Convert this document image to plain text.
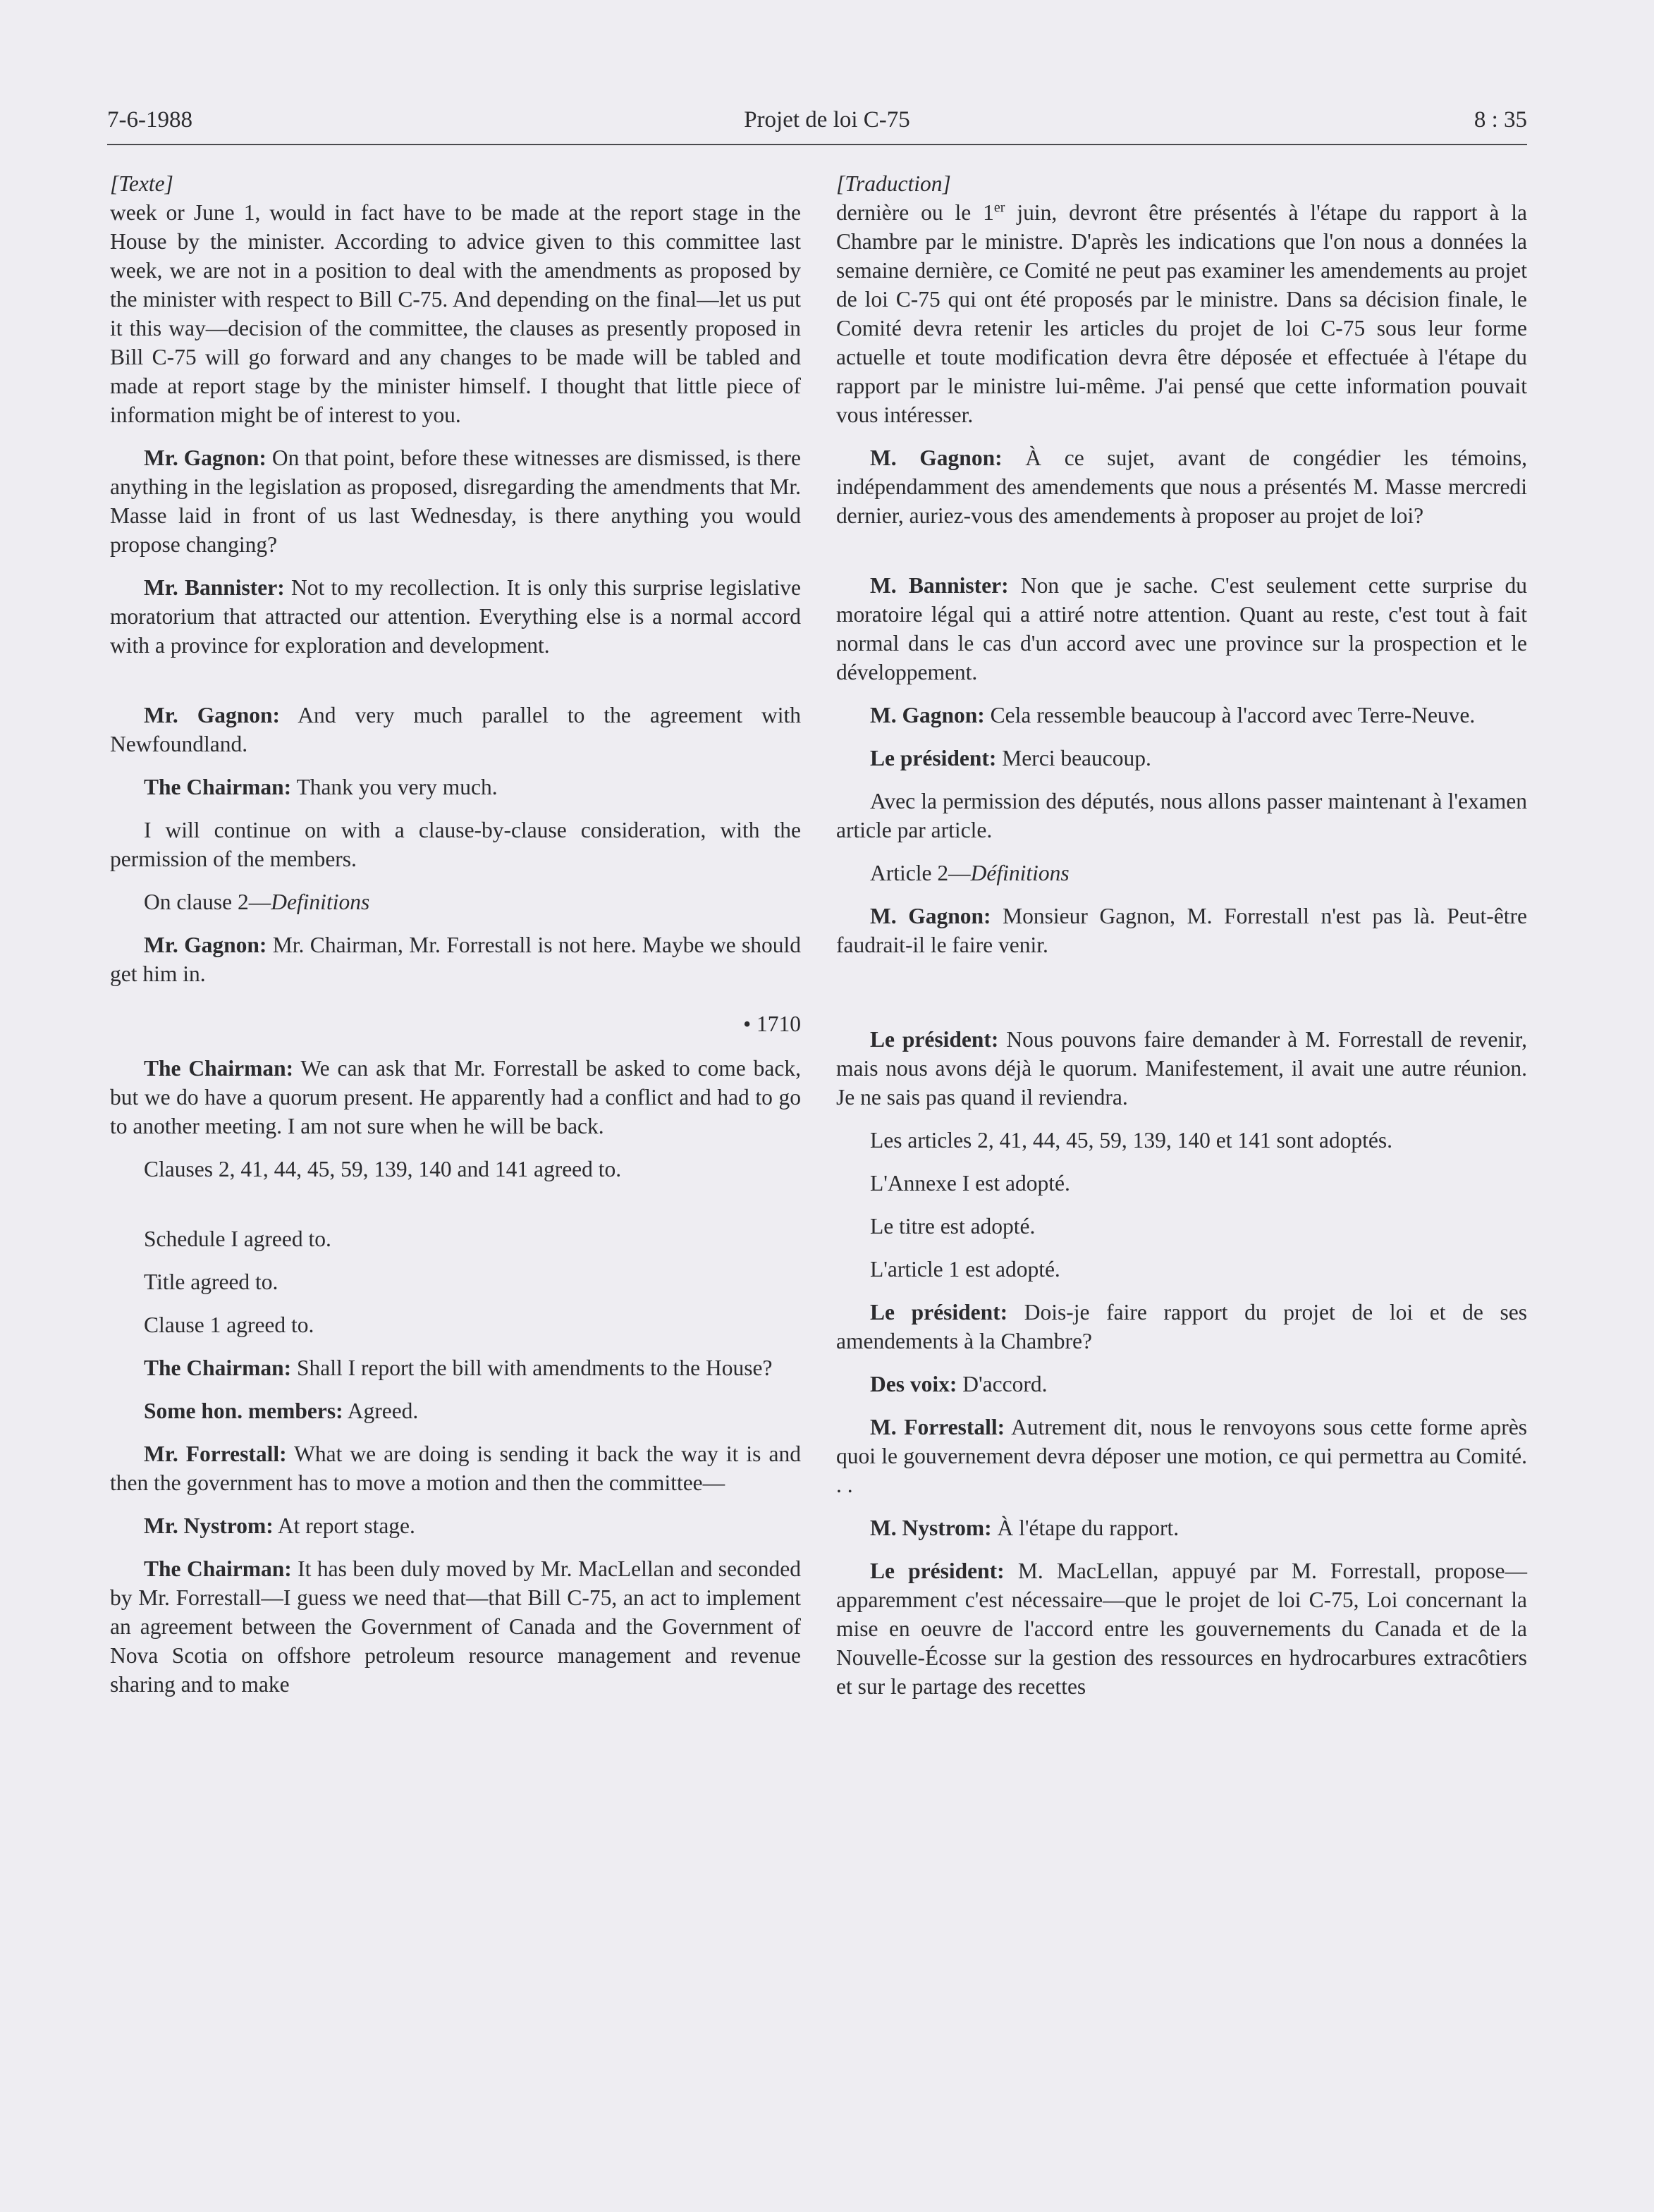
7-6-1988	Projet de loi C-75	8 : 35

[Texte]

week or June 1, would in fact have to be made at the report stage in the House by the minister. According to advice given to this committee last week, we are not in a position to deal with the amendments as proposed by the minister with respect to Bill C-75. And depending on the final—let us put it this way—decision of the committee, the clauses as presently proposed in Bill C-75 will go forward and any changes to be made will be tabled and made at report stage by the minister himself. I thought that little piece of information might be of interest to you.

Mr. Gagnon: On that point, before these witnesses are dismissed, is there anything in the legislation as proposed, disregarding the amendments that Mr. Masse laid in front of us last Wednesday, is there anything you would propose changing?

Mr. Bannister: Not to my recollection. It is only this surprise legislative moratorium that attracted our attention. Everything else is a normal accord with a province for exploration and development.

Mr. Gagnon: And very much parallel to the agreement with Newfoundland.

The Chairman: Thank you very much.

I will continue on with a clause-by-clause consideration, with the permission of the members.

On clause 2—Definitions

Mr. Gagnon: Mr. Chairman, Mr. Forrestall is not here. Maybe we should get him in.

• 1710

The Chairman: We can ask that Mr. Forrestall be asked to come back, but we do have a quorum present. He apparently had a conflict and had to go to another meeting. I am not sure when he will be back.

Clauses 2, 41, 44, 45, 59, 139, 140 and 141 agreed to.

Schedule I agreed to.

Title agreed to.

Clause 1 agreed to.

The Chairman: Shall I report the bill with amendments to the House?

Some hon. members: Agreed.

Mr. Forrestall: What we are doing is sending it back the way it is and then the government has to move a motion and then the committee—

Mr. Nystrom: At report stage.

The Chairman: It has been duly moved by Mr. MacLellan and seconded by Mr. Forrestall—I guess we need that—that Bill C-75, an act to implement an agreement between the Government of Canada and the Government of Nova Scotia on offshore petroleum resource management and revenue sharing and to make

[Traduction]

dernière ou le 1er juin, devront être présentés à l'étape du rapport à la Chambre par le ministre. D'après les indications que l'on nous a données la semaine dernière, ce Comité ne peut pas examiner les amendements au projet de loi C-75 qui ont été proposés par le ministre. Dans sa décision finale, le Comité devra retenir les articles du projet de loi C-75 sous leur forme actuelle et toute modification devra être déposée et effectuée à l'étape du rapport par le ministre lui-même. J'ai pensé que cette information pouvait vous intéresser.

M. Gagnon: À ce sujet, avant de congédier les témoins, indépendamment des amendements que nous a présentés M. Masse mercredi dernier, auriez-vous des amendements à proposer au projet de loi?

M. Bannister: Non que je sache. C'est seulement cette surprise du moratoire légal qui a attiré notre attention. Quant au reste, c'est tout à fait normal dans le cas d'un accord avec une province sur la prospection et le développement.

M. Gagnon: Cela ressemble beaucoup à l'accord avec Terre-Neuve.

Le président: Merci beaucoup.

Avec la permission des députés, nous allons passer maintenant à l'examen article par article.

Article 2—Définitions

M. Gagnon: Monsieur Gagnon, M. Forrestall n'est pas là. Peut-être faudrait-il le faire venir.

Le président: Nous pouvons faire demander à M. Forrestall de revenir, mais nous avons déjà le quorum. Manifestement, il avait une autre réunion. Je ne sais pas quand il reviendra.

Les articles 2, 41, 44, 45, 59, 139, 140 et 141 sont adoptés.

L'Annexe I est adopté.

Le titre est adopté.

L'article 1 est adopté.

Le président: Dois-je faire rapport du projet de loi et de ses amendements à la Chambre?

Des voix: D'accord.

M. Forrestall: Autrement dit, nous le renvoyons sous cette forme après quoi le gouvernement devra déposer une motion, ce qui permettra au Comité. . .

M. Nystrom: À l'étape du rapport.

Le président: M. MacLellan, appuyé par M. Forrestall, propose—apparemment c'est nécessaire—que le projet de loi C-75, Loi concernant la mise en oeuvre de l'accord entre les gouvernements du Canada et de la Nouvelle-Écosse sur la gestion des ressources en hydrocarbures extracôtiers et sur le partage des recettes
